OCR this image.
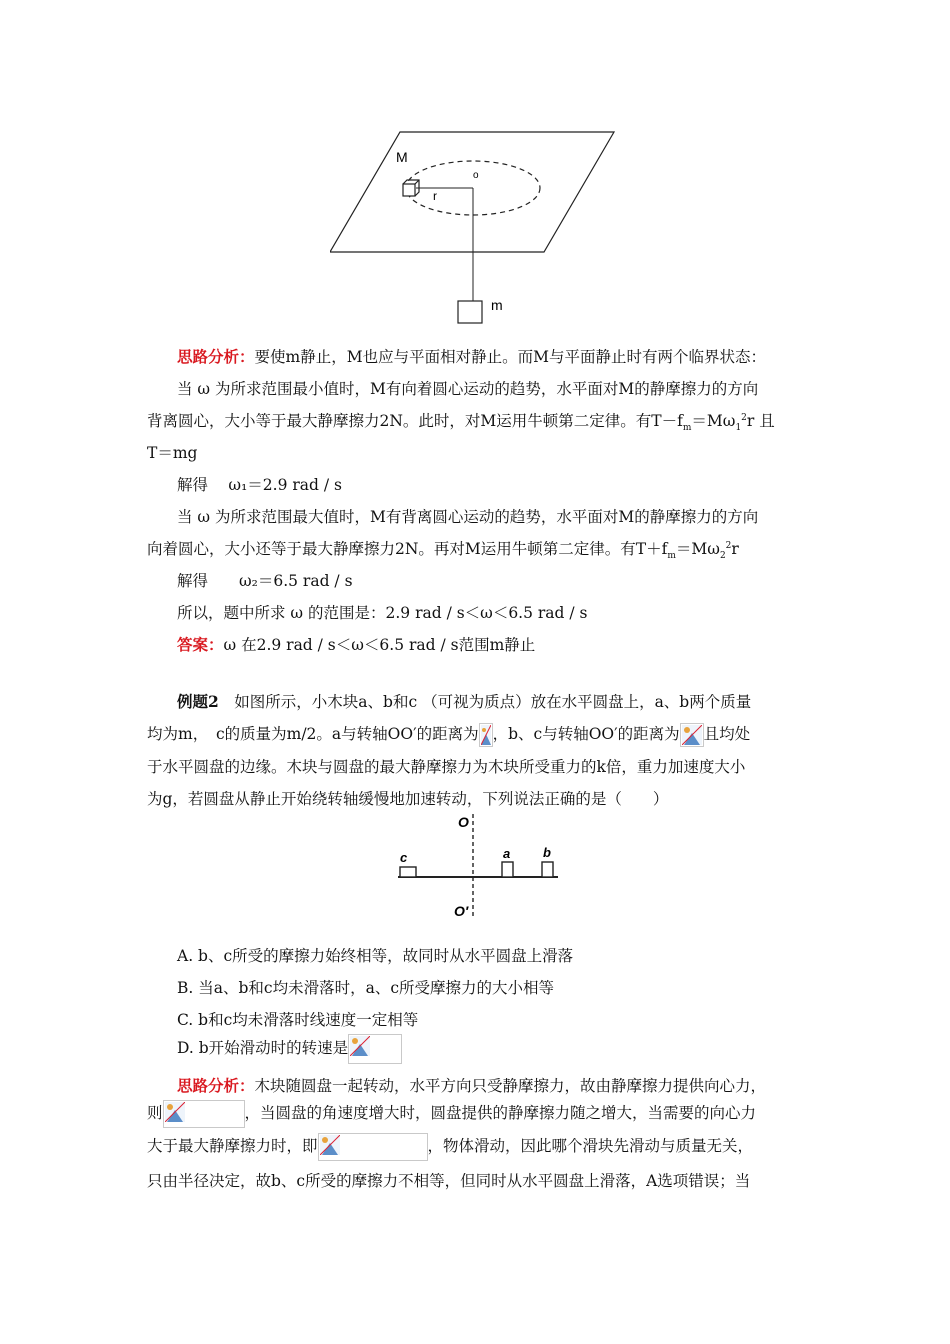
M
o
r
m
思路分析：要使m静止，M也应与平面相对静止。而M与平面静止时有两个临界状态：
当 ω 为所求范围最小值时，M有向着圆心运动的趋势，水平面对M的静摩擦力的方向
背离圆心，大小等于最大静摩擦力2N。此时，对M运用牛顿第二定律。有$T-f_m=M\omega_1^2r$ 且
T＝mg
解得　 ω₁＝2.9 rad / s
当 ω 为所求范围最大值时，M有背离圆心运动的趋势，水平面对M的静摩擦力的方向
向着圆心，大小还等于最大静摩擦力2N。再对M运用牛顿第二定律。有$T+f_m=M\omega_2^2r$
解得　　ω₂＝6.5 rad / s
所以，题中所求 ω 的范围是：2.9 rad / s＜ω＜6.5 rad / s
答案：ω 在2.9 rad / s＜ω＜6.5 rad / s范围m静止
例题2　如图所示，小木块a、b和c （可视为质点）放在水平圆盘上，a、b两个质量
均为m，　c的质量为m/2。a与转轴OO′的距离为 ，b、c与转轴OO′的距离为 且均处
于水平圆盘的边缘。木块与圆盘的最大静摩擦力为木块所受重力的k倍，重力加速度大小
为g，若圆盘从静止开始绕转轴缓慢地加速转动，下列说法正确的是（　　）
O
O′
c	a	b
A. b、c所受的摩擦力始终相等，故同时从水平圆盘上滑落
B. 当a、b和c均未滑落时，a、c所受摩擦力的大小相等
C. b和c均未滑落时线速度一定相等
D. b开始滑动时的转速是
思路分析：木块随圆盘一起转动，水平方向只受静摩擦力，故由静摩擦力提供向心力，
则	，当圆盘的角速度增大时，圆盘提供的静摩擦力随之增大，当需要的向心力
大于最大静摩擦力时，即	，物体滑动，因此哪个滑块先滑动与质量无关，
只由半径决定，故b、c所受的摩擦力不相等，但同时从水平圆盘上滑落，A选项错误；当
